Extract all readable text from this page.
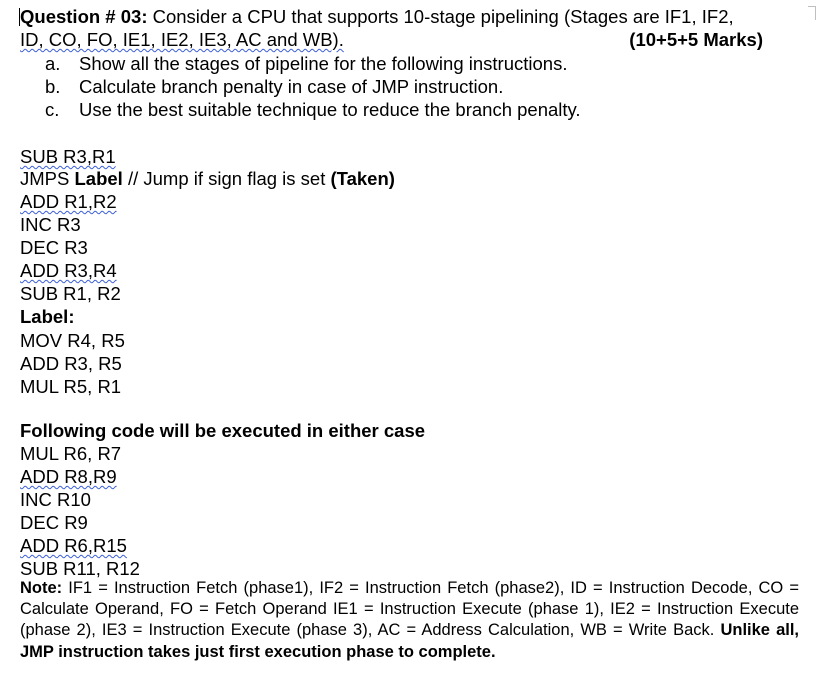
Question # 03: Consider a CPU that supports 10-stage pipelining (Stages are IF1, IF2,
ID, CO, FO, IE1, IE2, IE3, AC and WB).	(10+5+5 Marks)
a. Show all the stages of pipeline for the following instructions.
b. Calculate branch penalty in case of JMP instruction.
c. Use the best suitable technique to reduce the branch penalty.
SUB R3,R1
JMPS Label // Jump if sign flag is set (Taken)
ADD R1,R2
INC R3
DEC R3
ADD R3,R4
SUB R1, R2
Label:
MOV R4, R5
ADD R3, R5
MUL R5, R1
Following code will be executed in either case
MUL R6, R7
ADD R8,R9
INC R10
DEC R9
ADD R6,R15
SUB R11, R12
Note: IF1 = Instruction Fetch (phase1), IF2 = Instruction Fetch (phase2), ID = Instruction Decode, CO = Calculate Operand, FO = Fetch Operand IE1 = Instruction Execute (phase 1), IE2 = Instruction Execute (phase 2), IE3 = Instruction Execute (phase 3), AC = Address Calculation, WB = Write Back. Unlike all, JMP instruction takes just first execution phase to complete.
